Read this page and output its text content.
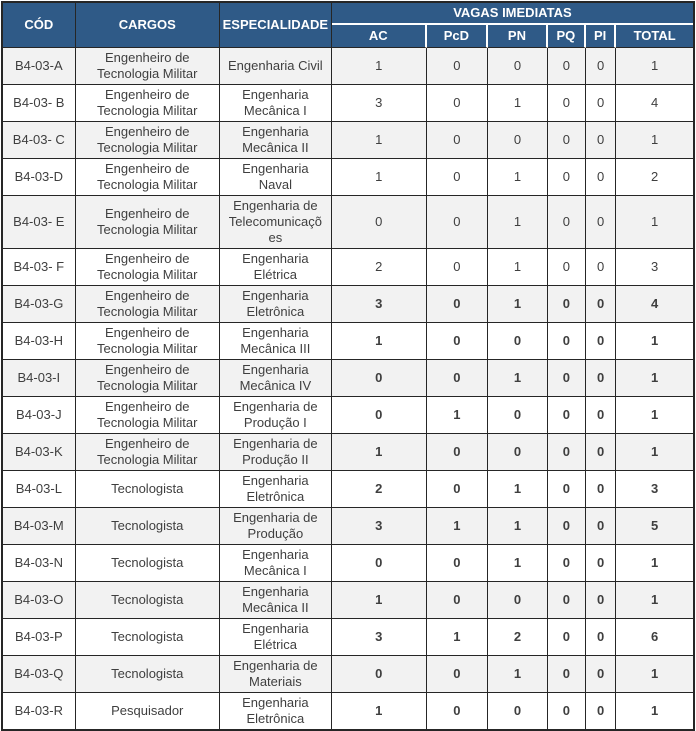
CÓD	CARGOS	ESPECIALIDADE	VAGAS IMEDIATAS					
			AC	PcD	PN	PQ	PI	TOTAL
B4-03-A	Engenheiro de Tecnologia Militar	Engenharia Civil	1	0	0	0	0	1
B4-03- B	Engenheiro de Tecnologia Militar	Engenharia Mecânica I	3	0	1	0	0	4
B4-03- C	Engenheiro de Tecnologia Militar	Engenharia Mecânica II	1	0	0	0	0	1
B4-03-D	Engenheiro de Tecnologia Militar	Engenharia Naval	1	0	1	0	0	2
B4-03- E	Engenheiro de Tecnologia Militar	Engenharia de Telecomunicações	0	0	1	0	0	1
B4-03- F	Engenheiro de Tecnologia Militar	Engenharia Elétrica	2	0	1	0	0	3
B4-03-G	Engenheiro de Tecnologia Militar	Engenharia Eletrônica	3	0	1	0	0	4
B4-03-H	Engenheiro de Tecnologia Militar	Engenharia Mecânica III	1	0	0	0	0	1
B4-03-I	Engenheiro de Tecnologia Militar	Engenharia Mecânica IV	0	0	1	0	0	1
B4-03-J	Engenheiro de Tecnologia Militar	Engenharia de Produção I	0	1	0	0	0	1
B4-03-K	Engenheiro de Tecnologia Militar	Engenharia de Produção II	1	0	0	0	0	1
B4-03-L	Tecnologista	Engenharia Eletrônica	2	0	1	0	0	3
B4-03-M	Tecnologista	Engenharia de Produção	3	1	1	0	0	5
B4-03-N	Tecnologista	Engenharia Mecânica I	0	0	1	0	0	1
B4-03-O	Tecnologista	Engenharia Mecânica II	1	0	0	0	0	1
B4-03-P	Tecnologista	Engenharia Elétrica	3	1	2	0	0	6
B4-03-Q	Tecnologista	Engenharia de Materiais	0	0	1	0	0	1
B4-03-R	Pesquisador	Engenharia Eletrônica	1	0	0	0	0	1
